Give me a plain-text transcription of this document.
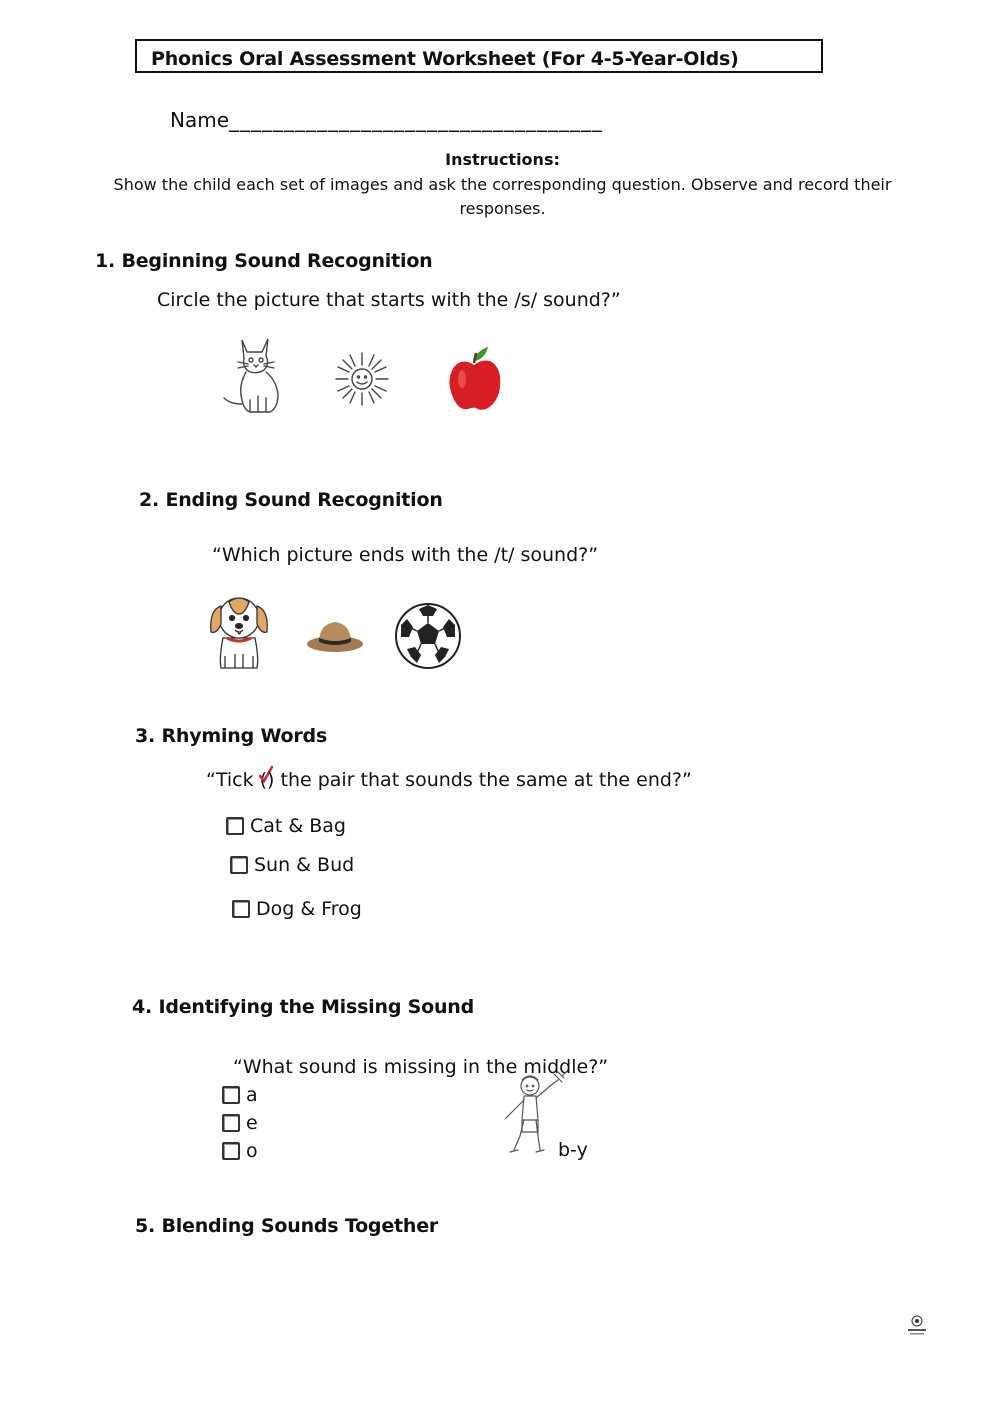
Phonics Oral Assessment Worksheet (For 4-5-Year-Olds)
Name__________________________________
Instructions:
Show the child each set of images and ask the corresponding question. Observe and record their responses.
1. Beginning Sound Recognition
Circle the picture that starts with the /s/ sound?”
2. Ending Sound Recognition
“Which picture ends with the /t/ sound?”
3. Rhyming Words
“Tick ( ) the pair that sounds the same at the end?”
Cat & Bag
Sun & Bud
Dog & Frog
4. Identifying the Missing Sound
“What sound is missing in the middle?”
a
e
o	b-y
5. Blending Sounds Together
